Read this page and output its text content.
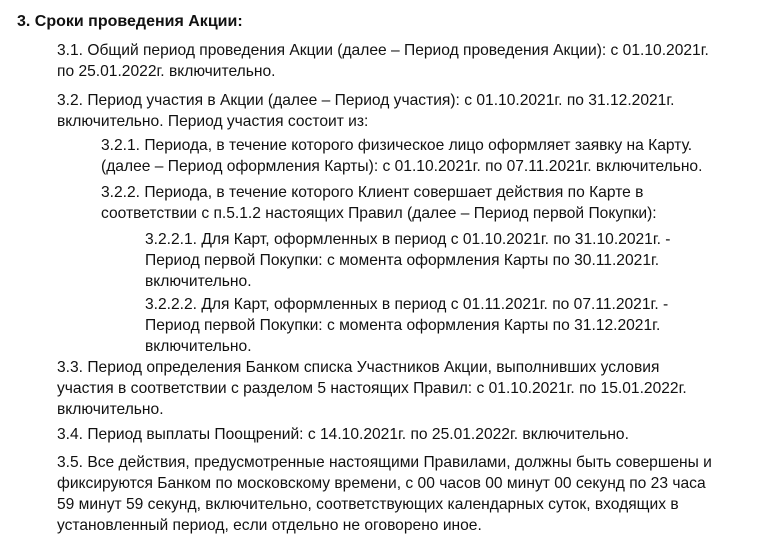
3. Сроки проведения Акции:
3.1. Общий период проведения Акции (далее – Период проведения Акции): с 01.10.2021г.
по 25.01.2022г. включительно.
3.2. Период участия в Акции (далее – Период участия): с 01.10.2021г. по 31.12.2021г.
включительно. Период участия состоит из:
3.2.1. Периода, в течение которого физическое лицо оформляет заявку на Карту.
(далее – Период оформления Карты): с 01.10.2021г. по 07.11.2021г. включительно.
3.2.2. Периода, в течение которого Клиент совершает действия по Карте в
соответствии с п.5.1.2 настоящих Правил (далее – Период первой Покупки):
3.2.2.1. Для Карт, оформленных в период с 01.10.2021г. по 31.10.2021г. -
Период первой Покупки: с момента оформления Карты по 30.11.2021г.
включительно.
3.2.2.2. Для Карт, оформленных в период с 01.11.2021г. по 07.11.2021г. -
Период первой Покупки: с момента оформления Карты по 31.12.2021г.
включительно.
3.3. Период определения Банком списка Участников Акции, выполнивших условия
участия в соответствии с разделом 5 настоящих Правил: с 01.10.2021г. по 15.01.2022г.
включительно.
3.4. Период выплаты Поощрений: с 14.10.2021г. по 25.01.2022г. включительно.
3.5. Все действия, предусмотренные настоящими Правилами, должны быть совершены и
фиксируются Банком по московскому времени, с 00 часов 00 минут 00 секунд по 23 часа
59 минут 59 секунд, включительно, соответствующих календарных суток, входящих в
установленный период, если отдельно не оговорено иное.
